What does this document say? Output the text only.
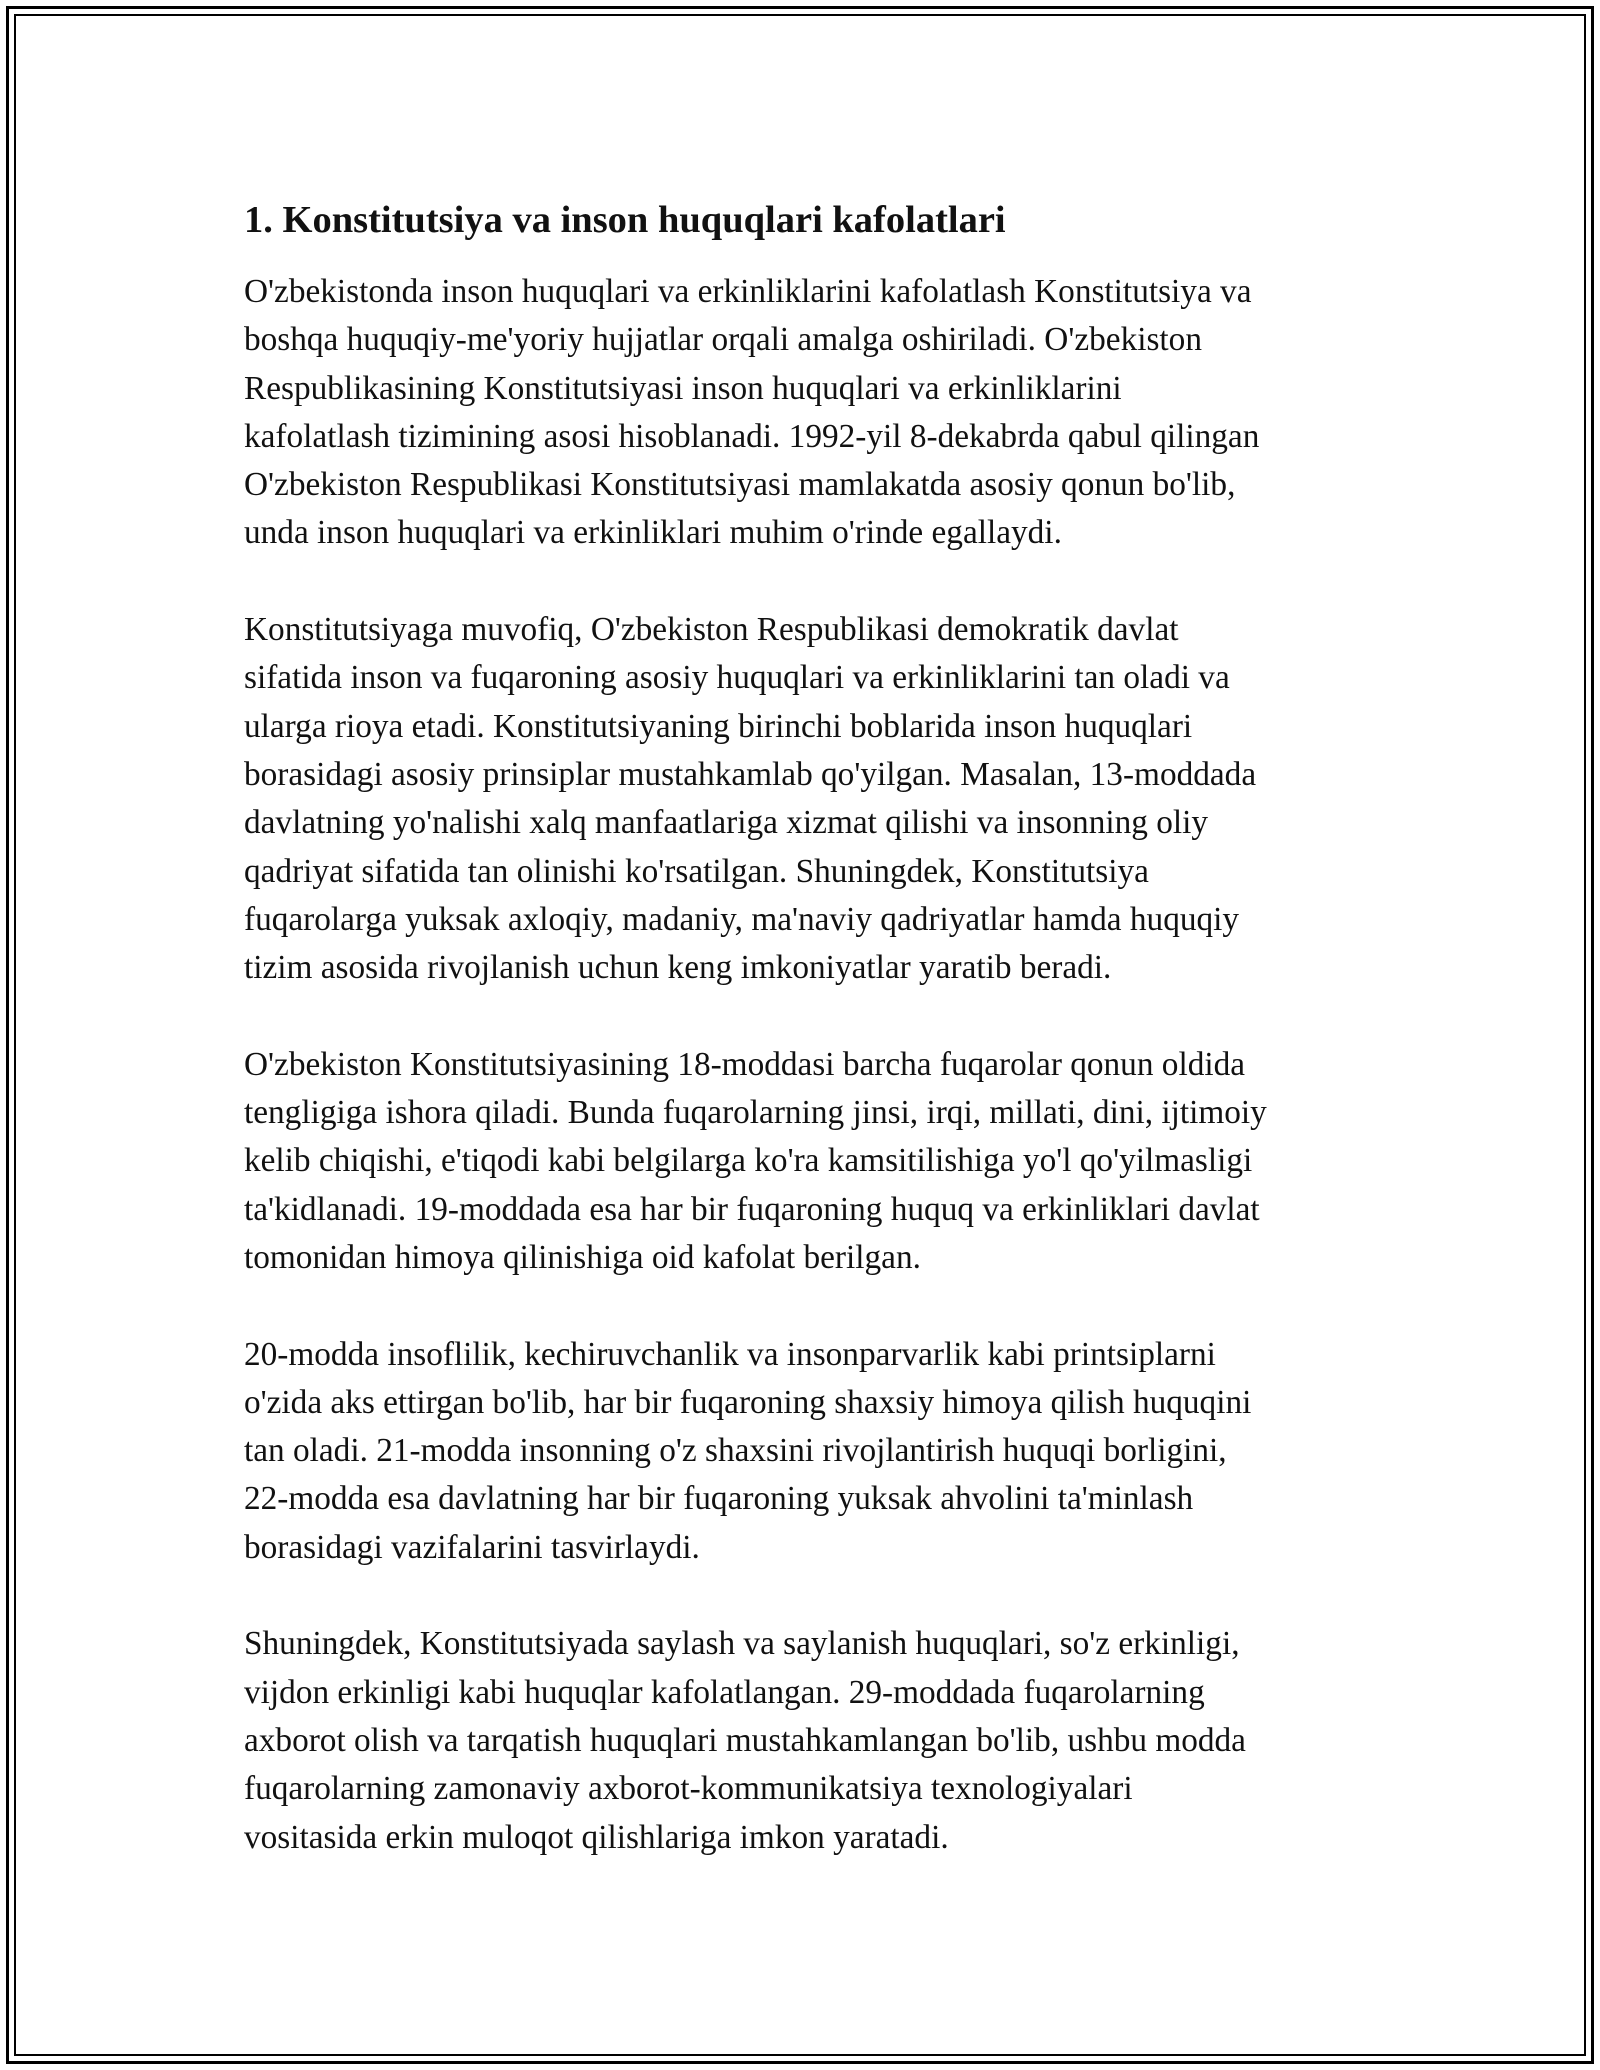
1. Konstitutsiya va inson huquqlari kafolatlari

O'zbekistonda inson huquqlari va erkinliklarini kafolatlash Konstitutsiya va
boshqa huquqiy-me'yoriy hujjatlar orqali amalga oshiriladi. O'zbekiston
Respublikasining Konstitutsiyasi inson huquqlari va erkinliklarini
kafolatlash tizimining asosi hisoblanadi. 1992-yil 8-dekabrda qabul qilingan
O'zbekiston Respublikasi Konstitutsiyasi mamlakatda asosiy qonun bo'lib,
unda inson huquqlari va erkinliklari muhim o'rinde egallaydi.

Konstitutsiyaga muvofiq, O'zbekiston Respublikasi demokratik davlat
sifatida inson va fuqaroning asosiy huquqlari va erkinliklarini tan oladi va
ularga rioya etadi. Konstitutsiyaning birinchi boblarida inson huquqlari
borasidagi asosiy prinsiplar mustahkamlab qo'yilgan. Masalan, 13-moddada
davlatning yo'nalishi xalq manfaatlariga xizmat qilishi va insonning oliy
qadriyat sifatida tan olinishi ko'rsatilgan. Shuningdek, Konstitutsiya
fuqarolarga yuksak axloqiy, madaniy, ma'naviy qadriyatlar hamda huquqiy
tizim asosida rivojlanish uchun keng imkoniyatlar yaratib beradi.

O'zbekiston Konstitutsiyasining 18-moddasi barcha fuqarolar qonun oldida
tengligiga ishora qiladi. Bunda fuqarolarning jinsi, irqi, millati, dini, ijtimoiy
kelib chiqishi, e'tiqodi kabi belgilarga ko'ra kamsitilishiga yo'l qo'yilmasligi
ta'kidlanadi. 19-moddada esa har bir fuqaroning huquq va erkinliklari davlat
tomonidan himoya qilinishiga oid kafolat berilgan.

20-modda insoflilik, kechiruvchanlik va insonparvarlik kabi printsiplarni
o'zida aks ettirgan bo'lib, har bir fuqaroning shaxsiy himoya qilish huquqini
tan oladi. 21-modda insonning o'z shaxsini rivojlantirish huquqi borligini,
22-modda esa davlatning har bir fuqaroning yuksak ahvolini ta'minlash
borasidagi vazifalarini tasvirlaydi.

Shuningdek, Konstitutsiyada saylash va saylanish huquqlari, so'z erkinligi,
vijdon erkinligi kabi huquqlar kafolatlangan. 29-moddada fuqarolarning
axborot olish va tarqatish huquqlari mustahkamlangan bo'lib, ushbu modda
fuqarolarning zamonaviy axborot-kommunikatsiya texnologiyalari
vositasida erkin muloqot qilishlariga imkon yaratadi.
